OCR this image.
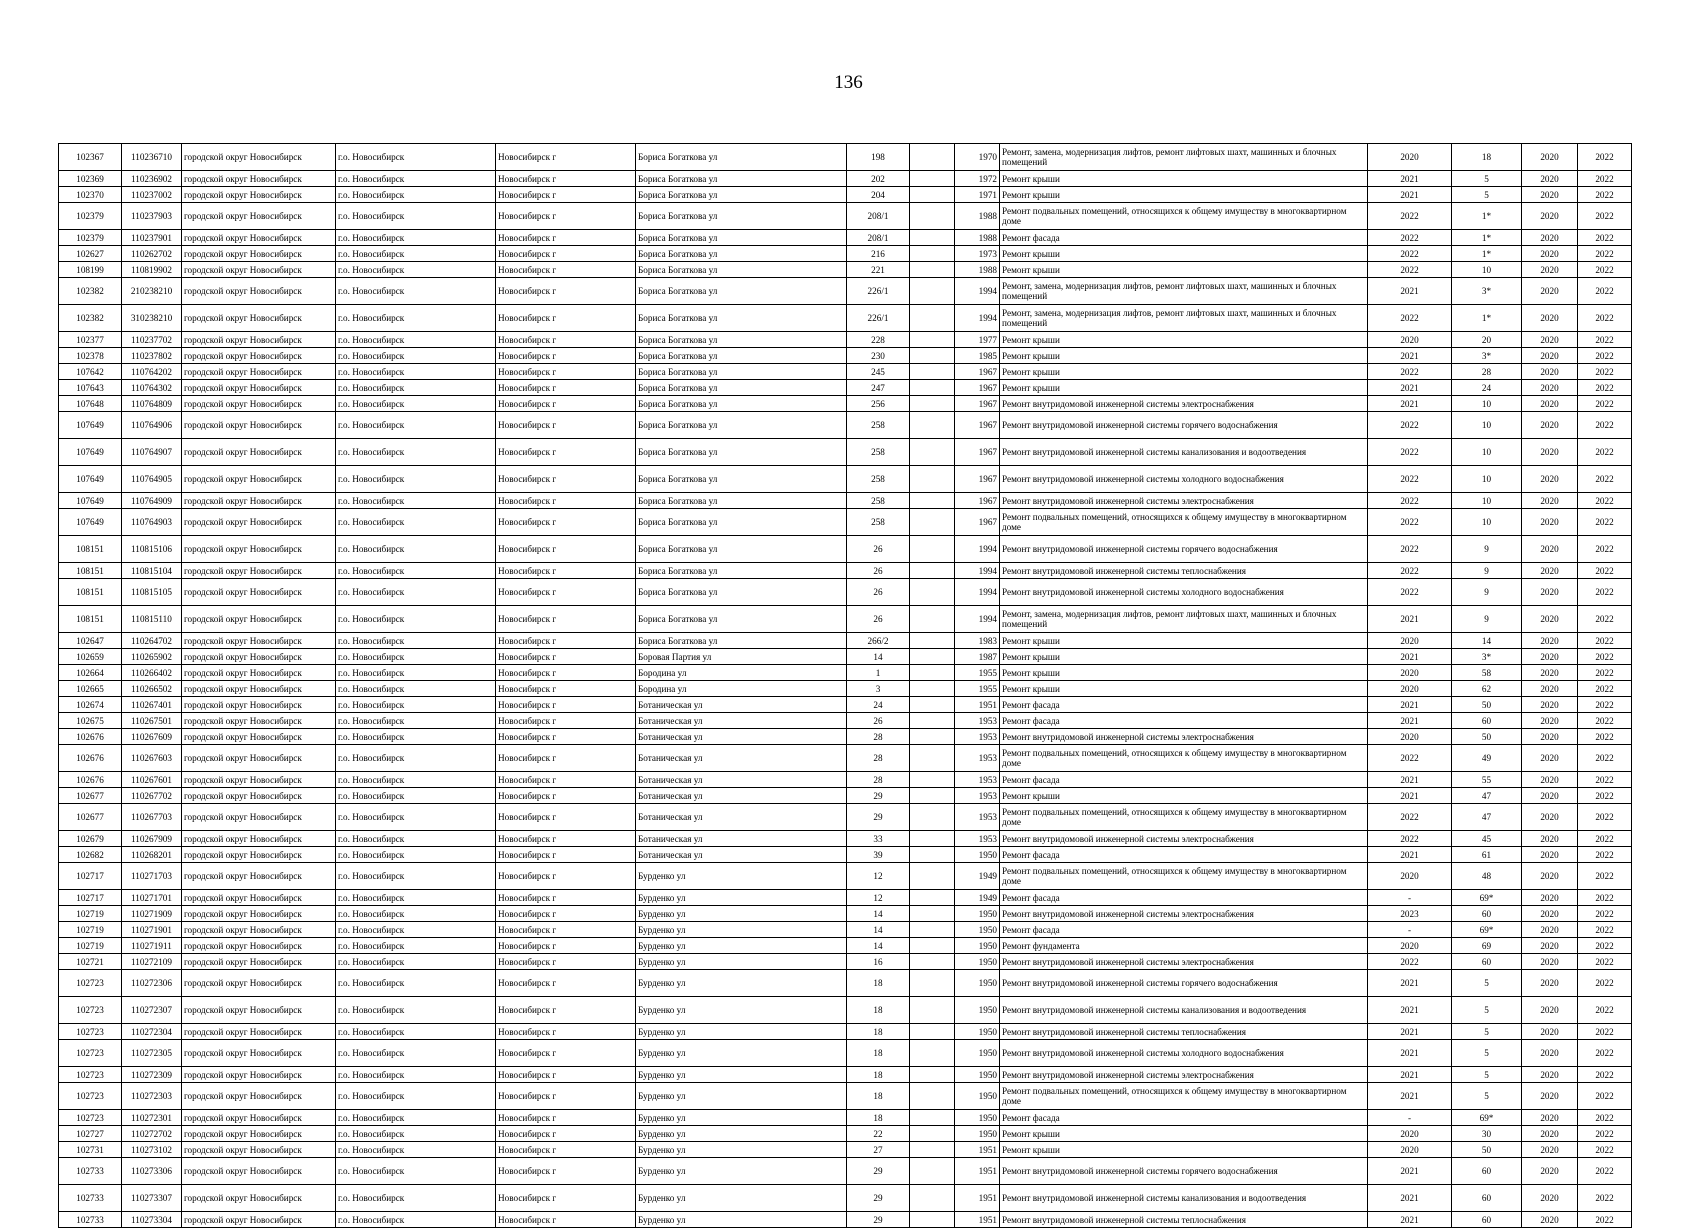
136
102367	110236710	городской округ Новосибирск	г.о. Новосибирск	Новосибирск г	Бориса Богаткова ул	198		1970	Ремонт, замена, модернизация лифтов, ремонт лифтовых шахт, машинных и блочных помещений	2020	18	2020	2022
102369	110236902	городской округ Новосибирск	г.о. Новосибирск	Новосибирск г	Бориса Богаткова ул	202		1972	Ремонт крыши	2021	5	2020	2022
102370	110237002	городской округ Новосибирск	г.о. Новосибирск	Новосибирск г	Бориса Богаткова ул	204		1971	Ремонт крыши	2021	5	2020	2022
102379	110237903	городской округ Новосибирск	г.о. Новосибирск	Новосибирск г	Бориса Богаткова ул	208/1		1988	Ремонт подвальных помещений, относящихся к общему имуществу в многоквартирном доме	2022	1*	2020	2022
102379	110237901	городской округ Новосибирск	г.о. Новосибирск	Новосибирск г	Бориса Богаткова ул	208/1		1988	Ремонт фасада	2022	1*	2020	2022
102627	110262702	городской округ Новосибирск	г.о. Новосибирск	Новосибирск г	Бориса Богаткова ул	216		1973	Ремонт крыши	2022	1*	2020	2022
108199	110819902	городской округ Новосибирск	г.о. Новосибирск	Новосибирск г	Бориса Богаткова ул	221		1988	Ремонт крыши	2022	10	2020	2022
102382	210238210	городской округ Новосибирск	г.о. Новосибирск	Новосибирск г	Бориса Богаткова ул	226/1		1994	Ремонт, замена, модернизация лифтов, ремонт лифтовых шахт, машинных и блочных помещений	2021	3*	2020	2022
102382	310238210	городской округ Новосибирск	г.о. Новосибирск	Новосибирск г	Бориса Богаткова ул	226/1		1994	Ремонт, замена, модернизация лифтов, ремонт лифтовых шахт, машинных и блочных помещений	2022	1*	2020	2022
102377	110237702	городской округ Новосибирск	г.о. Новосибирск	Новосибирск г	Бориса Богаткова ул	228		1977	Ремонт крыши	2020	20	2020	2022
102378	110237802	городской округ Новосибирск	г.о. Новосибирск	Новосибирск г	Бориса Богаткова ул	230		1985	Ремонт крыши	2021	3*	2020	2022
107642	110764202	городской округ Новосибирск	г.о. Новосибирск	Новосибирск г	Бориса Богаткова ул	245		1967	Ремонт крыши	2022	28	2020	2022
107643	110764302	городской округ Новосибирск	г.о. Новосибирск	Новосибирск г	Бориса Богаткова ул	247		1967	Ремонт крыши	2021	24	2020	2022
107648	110764809	городской округ Новосибирск	г.о. Новосибирск	Новосибирск г	Бориса Богаткова ул	256		1967	Ремонт внутридомовой инженерной системы электроснабжения	2021	10	2020	2022
107649	110764906	городской округ Новосибирск	г.о. Новосибирск	Новосибирск г	Бориса Богаткова ул	258		1967	Ремонт внутридомовой инженерной системы горячего водоснабжения	2022	10	2020	2022
107649	110764907	городской округ Новосибирск	г.о. Новосибирск	Новосибирск г	Бориса Богаткова ул	258		1967	Ремонт внутридомовой инженерной системы канализования и водоотведения	2022	10	2020	2022
107649	110764905	городской округ Новосибирск	г.о. Новосибирск	Новосибирск г	Бориса Богаткова ул	258		1967	Ремонт внутридомовой инженерной системы холодного водоснабжения	2022	10	2020	2022
107649	110764909	городской округ Новосибирск	г.о. Новосибирск	Новосибирск г	Бориса Богаткова ул	258		1967	Ремонт внутридомовой инженерной системы электроснабжения	2022	10	2020	2022
107649	110764903	городской округ Новосибирск	г.о. Новосибирск	Новосибирск г	Бориса Богаткова ул	258		1967	Ремонт подвальных помещений, относящихся к общему имуществу в многоквартирном доме	2022	10	2020	2022
108151	110815106	городской округ Новосибирск	г.о. Новосибирск	Новосибирск г	Бориса Богаткова ул	26		1994	Ремонт внутридомовой инженерной системы горячего водоснабжения	2022	9	2020	2022
108151	110815104	городской округ Новосибирск	г.о. Новосибирск	Новосибирск г	Бориса Богаткова ул	26		1994	Ремонт внутридомовой инженерной системы теплоснабжения	2022	9	2020	2022
108151	110815105	городской округ Новосибирск	г.о. Новосибирск	Новосибирск г	Бориса Богаткова ул	26		1994	Ремонт внутридомовой инженерной системы холодного водоснабжения	2022	9	2020	2022
108151	110815110	городской округ Новосибирск	г.о. Новосибирск	Новосибирск г	Бориса Богаткова ул	26		1994	Ремонт, замена, модернизация лифтов, ремонт лифтовых шахт, машинных и блочных помещений	2021	9	2020	2022
102647	110264702	городской округ Новосибирск	г.о. Новосибирск	Новосибирск г	Бориса Богаткова ул	266/2		1983	Ремонт крыши	2020	14	2020	2022
102659	110265902	городской округ Новосибирск	г.о. Новосибирск	Новосибирск г	Боровая Партия ул	14		1987	Ремонт крыши	2021	3*	2020	2022
102664	110266402	городской округ Новосибирск	г.о. Новосибирск	Новосибирск г	Бородина ул	1		1955	Ремонт крыши	2020	58	2020	2022
102665	110266502	городской округ Новосибирск	г.о. Новосибирск	Новосибирск г	Бородина ул	3		1955	Ремонт крыши	2020	62	2020	2022
102674	110267401	городской округ Новосибирск	г.о. Новосибирск	Новосибирск г	Ботаническая ул	24		1951	Ремонт фасада	2021	50	2020	2022
102675	110267501	городской округ Новосибирск	г.о. Новосибирск	Новосибирск г	Ботаническая ул	26		1953	Ремонт фасада	2021	60	2020	2022
102676	110267609	городской округ Новосибирск	г.о. Новосибирск	Новосибирск г	Ботаническая ул	28		1953	Ремонт внутридомовой инженерной системы электроснабжения	2020	50	2020	2022
102676	110267603	городской округ Новосибирск	г.о. Новосибирск	Новосибирск г	Ботаническая ул	28		1953	Ремонт подвальных помещений, относящихся к общему имуществу в многоквартирном доме	2022	49	2020	2022
102676	110267601	городской округ Новосибирск	г.о. Новосибирск	Новосибирск г	Ботаническая ул	28		1953	Ремонт фасада	2021	55	2020	2022
102677	110267702	городской округ Новосибирск	г.о. Новосибирск	Новосибирск г	Ботаническая ул	29		1953	Ремонт крыши	2021	47	2020	2022
102677	110267703	городской округ Новосибирск	г.о. Новосибирск	Новосибирск г	Ботаническая ул	29		1953	Ремонт подвальных помещений, относящихся к общему имуществу в многоквартирном доме	2022	47	2020	2022
102679	110267909	городской округ Новосибирск	г.о. Новосибирск	Новосибирск г	Ботаническая ул	33		1953	Ремонт внутридомовой инженерной системы электроснабжения	2022	45	2020	2022
102682	110268201	городской округ Новосибирск	г.о. Новосибирск	Новосибирск г	Ботаническая ул	39		1950	Ремонт фасада	2021	61	2020	2022
102717	110271703	городской округ Новосибирск	г.о. Новосибирск	Новосибирск г	Бурденко ул	12		1949	Ремонт подвальных помещений, относящихся к общему имуществу в многоквартирном доме	2020	48	2020	2022
102717	110271701	городской округ Новосибирск	г.о. Новосибирск	Новосибирск г	Бурденко ул	12		1949	Ремонт фасада	-	69*	2020	2022
102719	110271909	городской округ Новосибирск	г.о. Новосибирск	Новосибирск г	Бурденко ул	14		1950	Ремонт внутридомовой инженерной системы электроснабжения	2023	60	2020	2022
102719	110271901	городской округ Новосибирск	г.о. Новосибирск	Новосибирск г	Бурденко ул	14		1950	Ремонт фасада	-	69*	2020	2022
102719	110271911	городской округ Новосибирск	г.о. Новосибирск	Новосибирск г	Бурденко ул	14		1950	Ремонт фундамента	2020	69	2020	2022
102721	110272109	городской округ Новосибирск	г.о. Новосибирск	Новосибирск г	Бурденко ул	16		1950	Ремонт внутридомовой инженерной системы электроснабжения	2022	60	2020	2022
102723	110272306	городской округ Новосибирск	г.о. Новосибирск	Новосибирск г	Бурденко ул	18		1950	Ремонт внутридомовой инженерной системы горячего водоснабжения	2021	5	2020	2022
102723	110272307	городской округ Новосибирск	г.о. Новосибирск	Новосибирск г	Бурденко ул	18		1950	Ремонт внутридомовой инженерной системы канализования и водоотведения	2021	5	2020	2022
102723	110272304	городской округ Новосибирск	г.о. Новосибирск	Новосибирск г	Бурденко ул	18		1950	Ремонт внутридомовой инженерной системы теплоснабжения	2021	5	2020	2022
102723	110272305	городской округ Новосибирск	г.о. Новосибирск	Новосибирск г	Бурденко ул	18		1950	Ремонт внутридомовой инженерной системы холодного водоснабжения	2021	5	2020	2022
102723	110272309	городской округ Новосибирск	г.о. Новосибирск	Новосибирск г	Бурденко ул	18		1950	Ремонт внутридомовой инженерной системы электроснабжения	2021	5	2020	2022
102723	110272303	городской округ Новосибирск	г.о. Новосибирск	Новосибирск г	Бурденко ул	18		1950	Ремонт подвальных помещений, относящихся к общему имуществу в многоквартирном доме	2021	5	2020	2022
102723	110272301	городской округ Новосибирск	г.о. Новосибирск	Новосибирск г	Бурденко ул	18		1950	Ремонт фасада	-	69*	2020	2022
102727	110272702	городской округ Новосибирск	г.о. Новосибирск	Новосибирск г	Бурденко ул	22		1950	Ремонт крыши	2020	30	2020	2022
102731	110273102	городской округ Новосибирск	г.о. Новосибирск	Новосибирск г	Бурденко ул	27		1951	Ремонт крыши	2020	50	2020	2022
102733	110273306	городской округ Новосибирск	г.о. Новосибирск	Новосибирск г	Бурденко ул	29		1951	Ремонт внутридомовой инженерной системы горячего водоснабжения	2021	60	2020	2022
102733	110273307	городской округ Новосибирск	г.о. Новосибирск	Новосибирск г	Бурденко ул	29		1951	Ремонт внутридомовой инженерной системы канализования и водоотведения	2021	60	2020	2022
102733	110273304	городской округ Новосибирск	г.о. Новосибирск	Новосибирск г	Бурденко ул	29		1951	Ремонт внутридомовой инженерной системы теплоснабжения	2021	60	2020	2022
